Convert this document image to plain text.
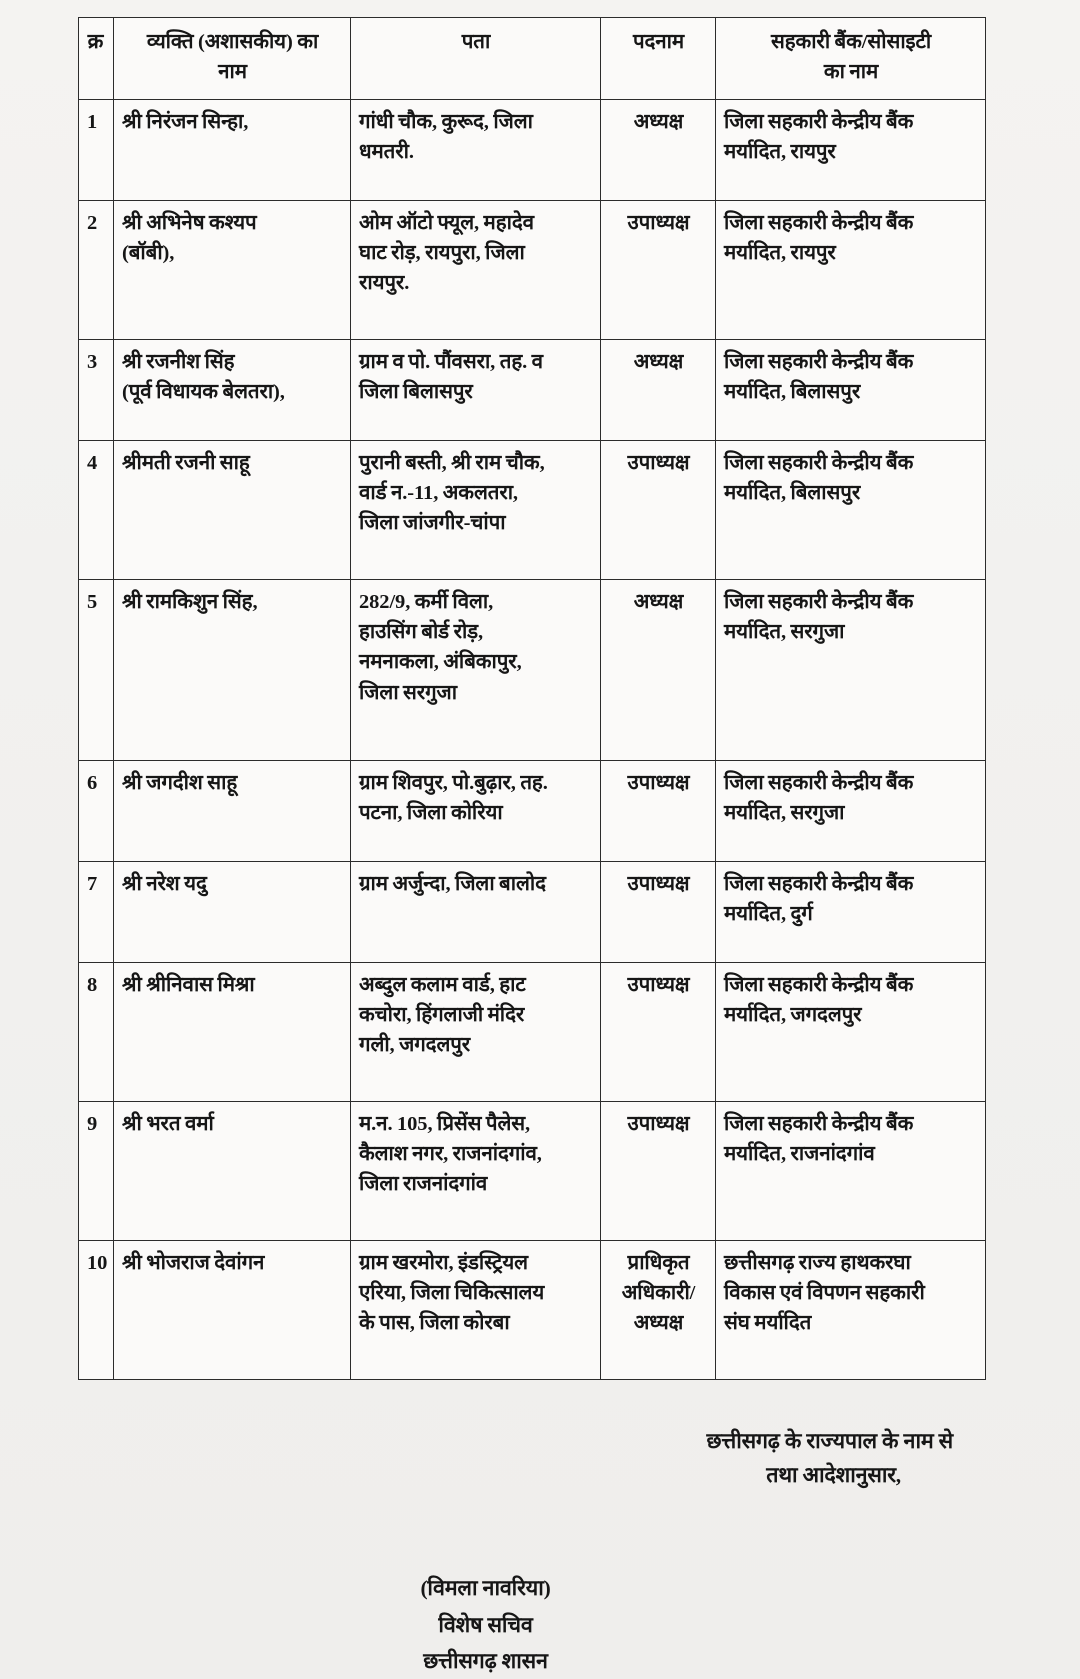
क्र	व्यक्ति (अशासकीय) का
नाम	पता	पदनाम	सहकारी बैंक/सोसाइटी
का नाम

1	श्री निरंजन सिन्हा,	गांधी चौक, कुरूद, जिला
धमतरी.	अध्यक्ष	जिला सहकारी केन्द्रीय बैंक
मर्यादित, रायपुर

2	श्री अभिनेष कश्यप
(बॉबी),	ओम ऑटो फ्यूल, महादेव
घाट रोड़, रायपुरा, जिला
रायपुर.	उपाध्यक्ष	जिला सहकारी केन्द्रीय बैंक
मर्यादित, रायपुर

3	श्री रजनीश सिंह
(पूर्व विधायक बेलतरा),	ग्राम व पो. पौंवसरा, तह. व
जिला बिलासपुर	अध्यक्ष	जिला सहकारी केन्द्रीय बैंक
मर्यादित, बिलासपुर

4	श्रीमती रजनी साहू	पुरानी बस्ती, श्री राम चौक,
वार्ड न.-11, अकलतरा,
जिला जांजगीर-चांपा	उपाध्यक्ष	जिला सहकारी केन्द्रीय बैंक
मर्यादित, बिलासपुर

5	श्री रामकिशुन सिंह,	282/9, कर्मी विला,
हाउसिंग बोर्ड रोड़,
नमनाकला, अंबिकापुर,
जिला सरगुजा	अध्यक्ष	जिला सहकारी केन्द्रीय बैंक
मर्यादित, सरगुजा

6	श्री जगदीश साहू	ग्राम शिवपुर, पो.बुढ़ार, तह.
पटना, जिला कोरिया	उपाध्यक्ष	जिला सहकारी केन्द्रीय बैंक
मर्यादित, सरगुजा

7	श्री नरेश यदु	ग्राम अर्जुन्दा, जिला बालोद	उपाध्यक्ष	जिला सहकारी केन्द्रीय बैंक
मर्यादित, दुर्ग

8	श्री श्रीनिवास मिश्रा	अब्दुल कलाम वार्ड, हाट
कचोरा, हिंगलाजी मंदिर
गली, जगदलपुर	उपाध्यक्ष	जिला सहकारी केन्द्रीय बैंक
मर्यादित, जगदलपुर

9	श्री भरत वर्मा	म.न. 105, प्रिसेंस पैलेस,
कैलाश नगर, राजनांदगांव,
जिला राजनांदगांव	उपाध्यक्ष	जिला सहकारी केन्द्रीय बैंक
मर्यादित, राजनांदगांव

10	श्री भोजराज देवांगन	ग्राम खरमोरा, इंडस्ट्रियल
एरिया, जिला चिकित्सालय
के पास, जिला कोरबा	प्राधिकृत
अधिकारी/
अध्यक्ष	छत्तीसगढ़ राज्य हाथकरघा
विकास एवं विपणन सहकारी
संघ मर्यादित
छत्तीसगढ़ के राज्यपाल के नाम से
तथा आदेशानुसार,
(विमला नावरिया)
विशेष सचिव
छत्तीसगढ़ शासन
